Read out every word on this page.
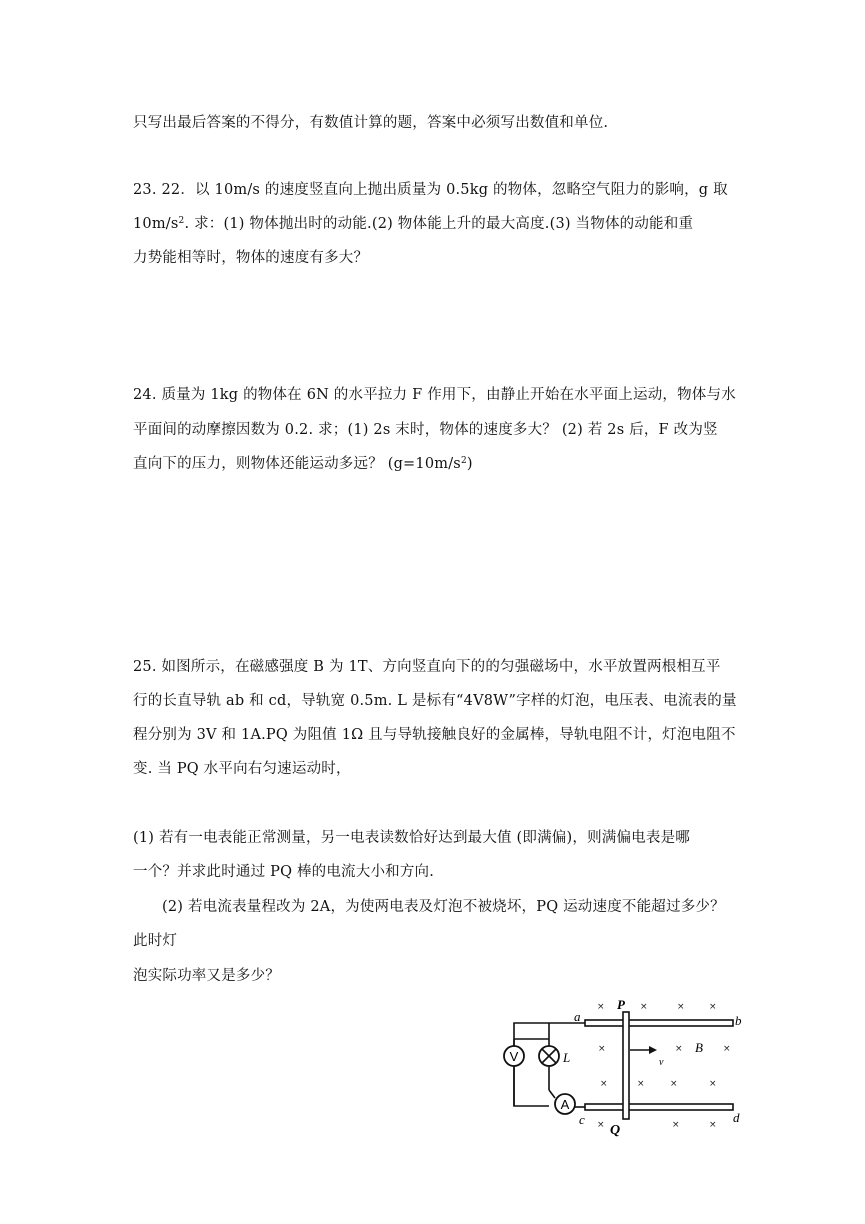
只写出最后答案的不得分，有数值计算的题，答案中必须写出数值和单位.
23. 22．以 10m/s 的速度竖直向上抛出质量为 0.5kg 的物体，忽略空气阻力的影响，g 取
$10m/s^2$. 求：(1) 物体抛出时的动能.(2) 物体能上升的最大高度.(3) 当物体的动能和重
力势能相等时，物体的速度有多大？
24. 质量为 1kg 的物体在 6N 的水平拉力 F 作用下，由静止开始在水平面上运动，物体与水
平面间的动摩擦因数为 0.2. 求；(1) 2s 末时，物体的速度多大？ (2) 若 2s 后，F 改为竖
直向下的压力，则物体还能运动多远？ $(g=10m/s^2)$
25. 如图所示，在磁感强度 B 为 1T、方向竖直向下的的匀强磁场中，水平放置两根相互平
行的长直导轨 ab 和 cd，导轨宽 0.5m. L 是标有“4V8W”字样的灯泡，电压表、电流表的量
程分别为 3V 和 1A.PQ 为阻值 1Ω 且与导轨接触良好的金属棒，导轨电阻不计，灯泡电阻不
变. 当 PQ 水平向右匀速运动时，
(1) 若有一电表能正常测量，另一电表读数恰好达到最大值 (即满偏)，则满偏电表是哪
一个？并求此时通过 PQ 棒的电流大小和方向.
(2) 若电流表量程改为 2A，为使两电表及灯泡不被烧坏，PQ 运动速度不能超过多少？
此时灯
泡实际功率又是多少？
V	L
A
v
a	b
c	d
P
Q
B
×	×	×	×
×	×	×
×	×	×	×
×	×	×
